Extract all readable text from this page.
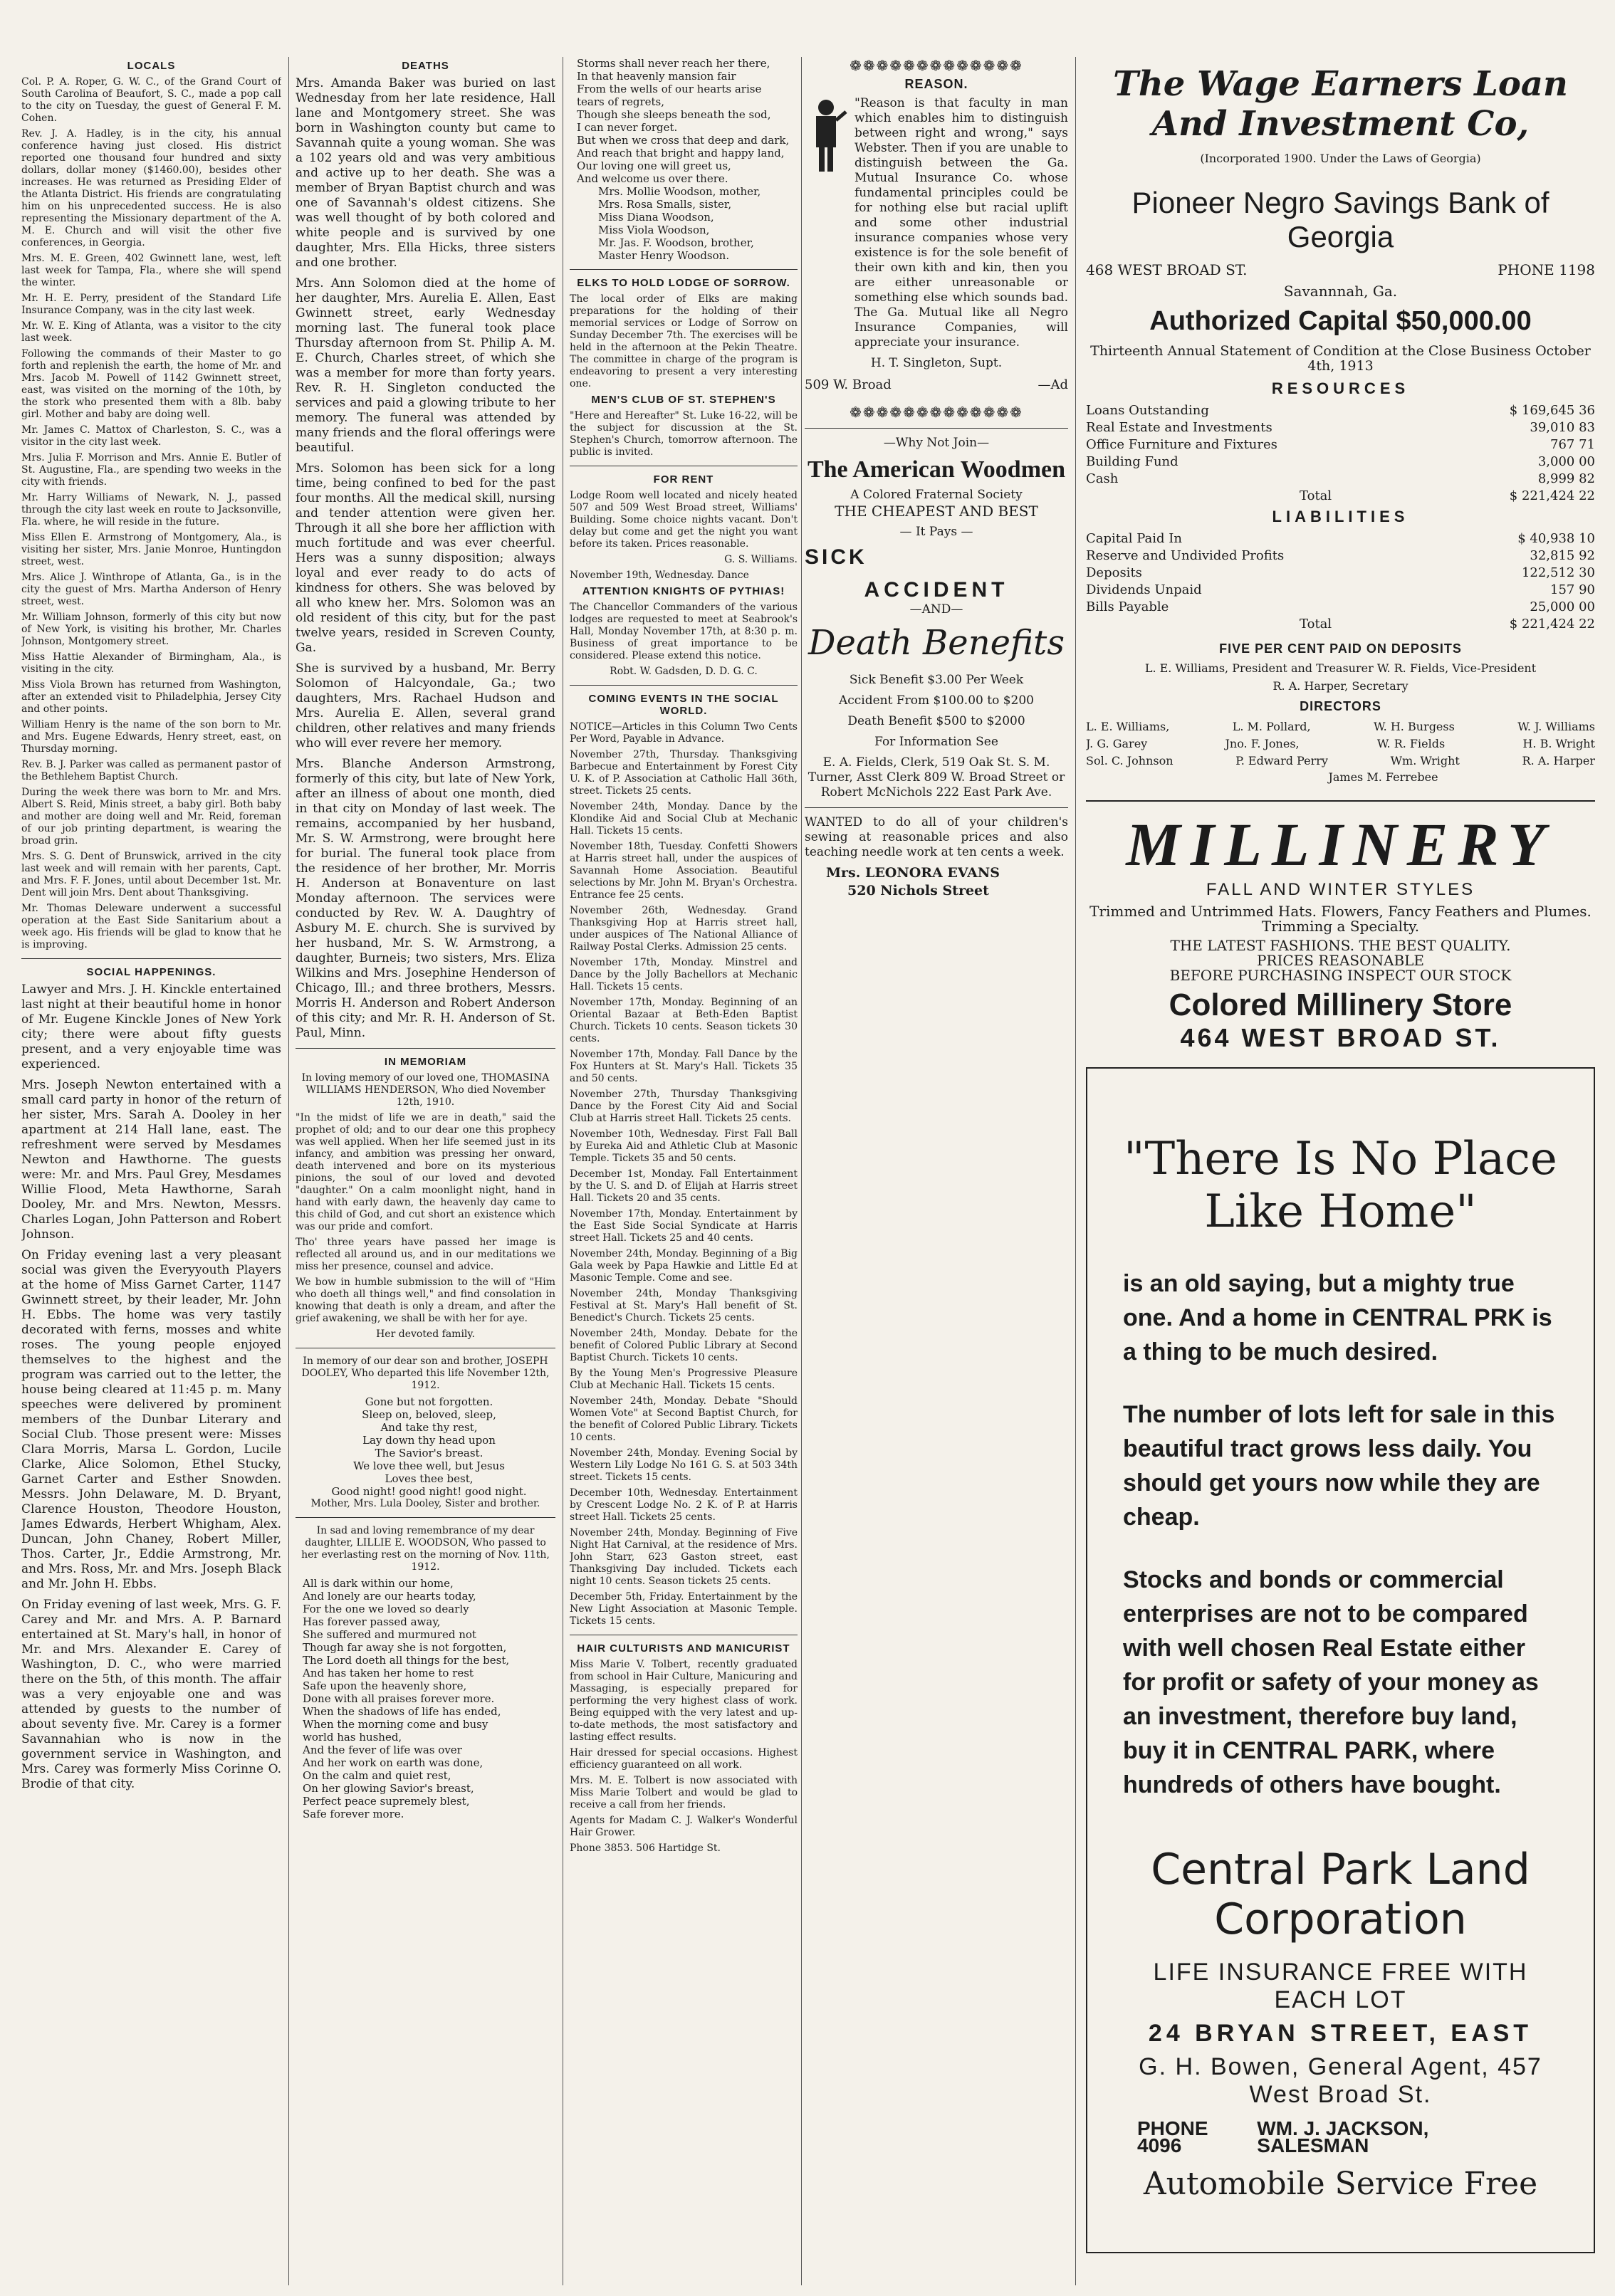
LOCALS

Col. P. A. Roper, G. W. C., of the Grand Court of South Carolina of Beaufort, S. C., made a pop call to the city on Tuesday, the guest of General F. M. Cohen.

Rev. J. A. Hadley, is in the city, his annual conference having just closed. His district reported one thousand four hundred and sixty dollars, dollar money ($1460.00), besides other increases. He was returned as Presiding Elder of the Atlanta District. His friends are congratulating him on his unprecedented success. He is also representing the Missionary department of the A. M. E. Church and will visit the other five conferences, in Georgia.

Mrs. M. E. Green, 402 Gwinnett lane, west, left last week for Tampa, Fla., where she will spend the winter.

Mr. H. E. Perry, president of the Standard Life Insurance Company, was in the city last week.

Mr. W. E. King of Atlanta, was a visitor to the city last week.

Following the commands of their Master to go forth and replenish the earth, the home of Mr. and Mrs. Jacob M. Powell of 1142 Gwinnett street, east, was visited on the morning of the 10th, by the stork who presented them with a 8lb. baby girl. Mother and baby are doing well.

Mr. James C. Mattox of Charleston, S. C., was a visitor in the city last week.

Mrs. Julia F. Morrison and Mrs. Annie E. Butler of St. Augustine, Fla., are spending two weeks in the city with friends.

Mr. Harry Williams of Newark, N. J., passed through the city last week en route to Jacksonville, Fla. where, he will reside in the future.

Miss Ellen E. Armstrong of Montgomery, Ala., is visiting her sister, Mrs. Janie Monroe, Huntingdon street, west.

Mrs. Alice J. Winthrope of Atlanta, Ga., is in the city the guest of Mrs. Martha Anderson of Henry street, west.

Mr. William Johnson, formerly of this city but now of New York, is visiting his brother, Mr. Charles Johnson, Montgomery street.

Miss Hattie Alexander of Birmingham, Ala., is visiting in the city.

Miss Viola Brown has returned from Washington, after an extended visit to Philadelphia, Jersey City and other points.

William Henry is the name of the son born to Mr. and Mrs. Eugene Edwards, Henry street, east, on Thursday morning.

Rev. B. J. Parker was called as permanent pastor of the Bethlehem Baptist Church.

During the week there was born to Mr. and Mrs. Albert S. Reid, Minis street, a baby girl. Both baby and mother are doing well and Mr. Reid, foreman of our job printing department, is wearing the broad grin.

Mrs. S. G. Dent of Brunswick, arrived in the city last week and will remain with her parents, Capt. and Mrs. F. F. Jones, until about December 1st. Mr. Dent will join Mrs. Dent about Thanksgiving.

Mr. Thomas Deleware underwent a successful operation at the East Side Sanitarium about a week ago. His friends will be glad to know that he is improving.

SOCIAL HAPPENINGS.

Lawyer and Mrs. J. H. Kinckle entertained last night at their beautiful home in honor of Mr. Eugene Kinckle Jones of New York city; there were about fifty guests present, and a very enjoyable time was experienced.

Mrs. Joseph Newton entertained with a small card party in honor of the return of her sister, Mrs. Sarah A. Dooley in her apartment at 214 Hall lane, east. The refreshment were served by Mesdames Newton and Hawthorne. The guests were: Mr. and Mrs. Paul Grey, Mesdames Willie Flood, Meta Hawthorne, Sarah Dooley, Mr. and Mrs. Newton, Messrs. Charles Logan, John Patterson and Robert Johnson.

On Friday evening last a very pleasant social was given the Everyyouth Players at the home of Miss Garnet Carter, 1147 Gwinnett street, by their leader, Mr. John H. Ebbs. The home was very tastily decorated with ferns, mosses and white roses. The young people enjoyed themselves to the highest and the program was carried out to the letter, the house being cleared at 11:45 p. m. Many speeches were delivered by prominent members of the Dunbar Literary and Social Club. Those present were: Misses Clara Morris, Marsa L. Gordon, Lucile Clarke, Alice Solomon, Ethel Stucky, Garnet Carter and Esther Snowden. Messrs. John Delaware, M. D. Bryant, Clarence Houston, Theodore Houston, James Edwards, Herbert Whigham, Alex. Duncan, John Chaney, Robert Miller, Thos. Carter, Jr., Eddie Armstrong, Mr. and Mrs. Ross, Mr. and Mrs. Joseph Black and Mr. John H. Ebbs.

On Friday evening of last week, Mrs. G. F. Carey and Mr. and Mrs. A. P. Barnard entertained at St. Mary's hall, in honor of Mr. and Mrs. Alexander E. Carey of Washington, D. C., who were married there on the 5th, of this month. The affair was a very enjoyable one and was attended by guests to the number of about seventy five. Mr. Carey is a former Savannahian who is now in the government service in Washington, and Mrs. Carey was formerly Miss Corinne O. Brodie of that city.

DEATHS

Mrs. Amanda Baker was buried on last Wednesday from her late residence, Hall lane and Montgomery street. She was born in Washington county but came to Savannah quite a young woman. She was a 102 years old and was very ambitious and active up to her death. She was a member of Bryan Baptist church and was one of Savannah's oldest citizens. She was well thought of by both colored and white people and is survived by one daughter, Mrs. Ella Hicks, three sisters and one brother.

Mrs. Ann Solomon died at the home of her daughter, Mrs. Aurelia E. Allen, East Gwinnett street, early Wednesday morning last. The funeral took place Thursday afternoon from St. Philip A. M. E. Church, Charles street, of which she was a member for more than forty years. Rev. R. H. Singleton conducted the services and paid a glowing tribute to her memory. The funeral was attended by many friends and the floral offerings were beautiful.

Mrs. Solomon has been sick for a long time, being confined to bed for the past four months. All the medical skill, nursing and tender attention were given her. Through it all she bore her affliction with much fortitude and was ever cheerful. Hers was a sunny disposition; always loyal and ever ready to do acts of kindness for others. She was beloved by all who knew her. Mrs. Solomon was an old resident of this city, but for the past twelve years, resided in Screven County, Ga.

She is survived by a husband, Mr. Berry Solomon of Halcyondale, Ga.; two daughters, Mrs. Rachael Hudson and Mrs. Aurelia E. Allen, several grand children, other relatives and many friends who will ever revere her memory.

Mrs. Blanche Anderson Armstrong, formerly of this city, but late of New York, after an illness of about one month, died in that city on Monday of last week. The remains, accompanied by her husband, Mr. S. W. Armstrong, were brought here for burial. The funeral took place from the residence of her brother, Mr. Morris H. Anderson at Bonaventure on last Monday afternoon. The services were conducted by Rev. W. A. Daughtry of Asbury M. E. church. She is survived by her husband, Mr. S. W. Armstrong, a daughter, Burneis; two sisters, Mrs. Eliza Wilkins and Mrs. Josephine Henderson of Chicago, Ill.; and three brothers, Messrs. Morris H. Anderson and Robert Anderson of this city; and Mr. R. H. Anderson of St. Paul, Minn.

IN MEMORIAM

In loving memory of our loved one, THOMASINA WILLIAMS HENDERSON, Who died November 12th, 1910.

"In the midst of life we are in death," said the prophet of old; and to our dear one this prophecy was well applied. When her life seemed just in its infancy, and ambition was pressing her onward, death intervened and bore on its mysterious pinions, the soul of our loved and devoted "daughter." On a calm moonlight night, hand in hand with early dawn, the heavenly day came to this child of God, and cut short an existence which was our pride and comfort.

Tho' three years have passed her image is reflected all around us, and in our meditations we miss her presence, counsel and advice.

We bow in humble submission to the will of "Him who doeth all things well," and find consolation in knowing that death is only a dream, and after the grief awakening, we shall be with her for aye.

Her devoted family.

In memory of our dear son and brother, JOSEPH DOOLEY, Who departed this life November 12th, 1912.

Gone but not forgotten.
Sleep on, beloved, sleep,
And take thy rest,
Lay down thy head upon
The Savior's breast.
We love thee well, but Jesus
Loves thee best,
Good night! good night! good night.

Mother, Mrs. Lula Dooley, Sister and brother.

In sad and loving remembrance of my dear daughter, LILLIE E. WOODSON, Who passed to her everlasting rest on the morning of Nov. 11th, 1912.

All is dark within our home,
And lonely are our hearts today,
For the one we loved so dearly
Has forever passed away,
She suffered and murmured not
Though far away she is not forgotten,
The Lord doeth all things for the best,
And has taken her home to rest
Safe upon the heavenly shore,
Done with all praises forever more.
When the shadows of life has ended,
When the morning come and busy
world has hushed,
And the fever of life was over
And her work on earth was done,
On the calm and quiet rest,
On her glowing Savior's breast,
Perfect peace supremely blest,
Safe forever more.
Storms shall never reach her there,
In that heavenly mansion fair
From the wells of our hearts arise
tears of regrets,
Though she sleeps beneath the sod,
I can never forget.
But when we cross that deep and dark,
And reach that bright and happy land,
Our loving one will greet us,
And welcome us over there.
Mrs. Mollie Woodson, mother,
Mrs. Rosa Smalls, sister,
Miss Diana Woodson,
Miss Viola Woodson,
Mr. Jas. F. Woodson, brother,
Master Henry Woodson.
ELKS TO HOLD LODGE OF SORROW.

The local order of Elks are making preparations for the holding of their memorial services or Lodge of Sorrow on Sunday December 7th. The exercises will be held in the afternoon at the Pekin Theatre. The committee in charge of the program is endeavoring to present a very interesting one.

MEN'S CLUB OF ST. STEPHEN'S

"Here and Hereafter" St. Luke 16-22, will be the subject for discussion at the St. Stephen's Church, tomorrow afternoon. The public is invited.

FOR RENT

Lodge Room well located and nicely heated 507 and 509 West Broad street, Williams' Building. Some choice nights vacant. Don't delay but come and get the night you want before its taken. Prices reasonable.

G. S. Williams.

November 19th, Wednesday. Dance

ATTENTION KNIGHTS OF PYTHIAS!

The Chancellor Commanders of the various lodges are requested to meet at Seabrook's Hall, Monday November 17th, at 8:30 p. m. Business of great importance to be considered. Please extend this notice.

Robt. W. Gadsden, D. D. G. C.

COMING EVENTS IN THE SOCIAL WORLD.

NOTICE—Articles in this Column Two Cents Per Word, Payable in Advance.

November 27th, Thursday. Thanksgiving Barbecue and Entertainment by Forest City U. K. of P. Association at Catholic Hall 36th, street. Tickets 25 cents.

November 24th, Monday. Dance by the Klondike Aid and Social Club at Mechanic Hall. Tickets 15 cents.

November 18th, Tuesday. Confetti Showers at Harris street hall, under the auspices of Savannah Home Association. Beautiful selections by Mr. John M. Bryan's Orchestra. Entrance fee 25 cents.

November 26th, Wednesday. Grand Thanksgiving Hop at Harris street hall, under auspices of The National Alliance of Railway Postal Clerks. Admission 25 cents.

November 17th, Monday. Minstrel and Dance by the Jolly Bachellors at Mechanic Hall. Tickets 15 cents.

November 17th, Monday. Beginning of an Oriental Bazaar at Beth-Eden Baptist Church. Tickets 10 cents. Season tickets 30 cents.

November 17th, Monday. Fall Dance by the Fox Hunters at St. Mary's Hall. Tickets 35 and 50 cents.

November 27th, Thursday Thanksgiving Dance by the Forest City Aid and Social Club at Harris street Hall. Tickets 25 cents.

November 10th, Wednesday. First Fall Ball by Eureka Aid and Athletic Club at Masonic Temple. Tickets 35 and 50 cents.

December 1st, Monday. Fall Entertainment by the U. S. and D. of Elijah at Harris street Hall. Tickets 20 and 35 cents.

November 17th, Monday. Entertainment by the East Side Social Syndicate at Harris street Hall. Tickets 25 and 40 cents.

November 24th, Monday. Beginning of a Big Gala week by Papa Hawkie and Little Ed at Masonic Temple. Come and see.

November 24th, Monday Thanksgiving Festival at St. Mary's Hall benefit of St. Benedict's Church. Tickets 25 cents.

November 24th, Monday. Debate for the benefit of Colored Public Library at Second Baptist Church. Tickets 10 cents.

By the Young Men's Progressive Pleasure Club at Mechanic Hall. Tickets 15 cents.

November 24th, Monday. Debate "Should Women Vote" at Second Baptist Church, for the benefit of Colored Public Library. Tickets 10 cents.

November 24th, Monday. Evening Social by Western Lily Lodge No 161 G. S. at 503 34th street. Tickets 15 cents.

December 10th, Wednesday. Entertainment by Crescent Lodge No. 2 K. of P. at Harris street Hall. Tickets 25 cents.

November 24th, Monday. Beginning of Five Night Hat Carnival, at the residence of Mrs. John Starr, 623 Gaston street, east Thanksgiving Day included. Tickets each night 10 cents. Season tickets 25 cents.

December 5th, Friday. Entertainment by the New Light Association at Masonic Temple. Tickets 15 cents.

HAIR CULTURISTS AND MANICURIST

Miss Marie V. Tolbert, recently graduated from school in Hair Culture, Manicuring and Massaging, is especially prepared for performing the very highest class of work. Being equipped with the very latest and up-to-date methods, the most satisfactory and lasting effect results.

Hair dressed for special occasions. Highest efficiency guaranteed on all work.

Mrs. M. E. Tolbert is now associated with Miss Marie Tolbert and would be glad to receive a call from her friends.

Agents for Madam C. J. Walker's Wonderful Hair Grower.

Phone 3853. 506 Hartidge St.

❁❁❁❁❁❁❁❁❁❁❁❁❁
REASON.

"Reason is that faculty in man which enables him to distinguish between right and wrong," says Webster. Then if you are unable to distinguish between the Ga. Mutual Insurance Co. whose fundamental principles could be for nothing else but racial uplift and some other industrial insurance companies whose very existence is for the sole benefit of their own kith and kin, then you are either unreasonable or something else which sounds bad. The Ga. Mutual like all Negro Insurance Companies, will appreciate your insurance.

H. T. Singleton, Supt.

509 W. Broad	—Ad
❁❁❁❁❁❁❁❁❁❁❁❁❁

—Why Not Join—

The American Woodmen

A Colored Fraternal Society

THE CHEAPEST AND BEST

— It Pays —

SICK
ACCIDENT

—AND—

Death Benefits

Sick Benefit $3.00 Per Week

Accident From $100.00 to $200

Death Benefit $500 to $2000

For Information See

E. A. Fields, Clerk, 519 Oak St. S. M. Turner, Asst Clerk 809 W. Broad Street or Robert McNichols 222 East Park Ave.

WANTED to do all of your children's sewing at reasonable prices and also teaching needle work at ten cents a week.

Mrs. LEONORA EVANS

520 Nichols Street

The Wage Earners Loan
And Investment Co,

(Incorporated 1900. Under the Laws of Georgia)

Pioneer Negro Savings Bank of Georgia
468 WEST BROAD ST.	PHONE 1198

Savannnah, Ga.

Authorized Capital $50,000.00

Thirteenth Annual Statement of Condition at the Close Business October 4th, 1913

RESOURCES
Loans Outstanding	$ 169,645 36
Real Estate and Investments	39,010 83
Office Furniture and Fixtures	767 71
Building Fund	3,000 00
Cash	8,999 82
Total	$ 221,424 22
LIABILITIES
Capital Paid In	$ 40,938 10
Reserve and Undivided Profits	32,815 92
Deposits	122,512 30
Dividends Unpaid	157 90
Bills Payable	25,000 00
Total	$ 221,424 22
FIVE PER CENT PAID ON DEPOSITS

L. E. Williams, President and Treasurer W. R. Fields, Vice-President

R. A. Harper, Secretary

DIRECTORS
L. E. Williams,	L. M. Pollard,	W. H. Burgess	W. J. Williams
J. G. Garey	Jno. F. Jones,	W. R. Fields	H. B. Wright
Sol. C. Johnson	P. Edward Perry	Wm. Wright	R. A. Harper

James M. Ferrebee

MILLINERY
FALL AND WINTER STYLES

Trimmed and Untrimmed Hats. Flowers, Fancy Feathers and Plumes. Trimming a Specialty.

THE LATEST FASHIONS. THE BEST QUALITY.

PRICES REASONABLE

BEFORE PURCHASING INSPECT OUR STOCK

Colored Millinery Store
464 WEST BROAD ST.
"There Is No Place Like Home"

is an old saying, but a mighty true one. And a home in CENTRAL PRK is a thing to be much desired.

The number of lots left for sale in this beautiful tract grows less daily. You should get yours now while they are cheap.

Stocks and bonds or commercial enterprises are not to be compared with well chosen Real Estate either for profit or safety of your money as an investment, therefore buy land, buy it in CENTRAL PARK, where hundreds of others have bought.

Central Park Land Corporation
LIFE INSURANCE FREE WITH EACH LOT
24 BRYAN STREET, EAST
G. H. Bowen, General Agent, 457 West Broad St.
PHONE 4096
WM. J. JACKSON, SALESMAN
Automobile Service Free
